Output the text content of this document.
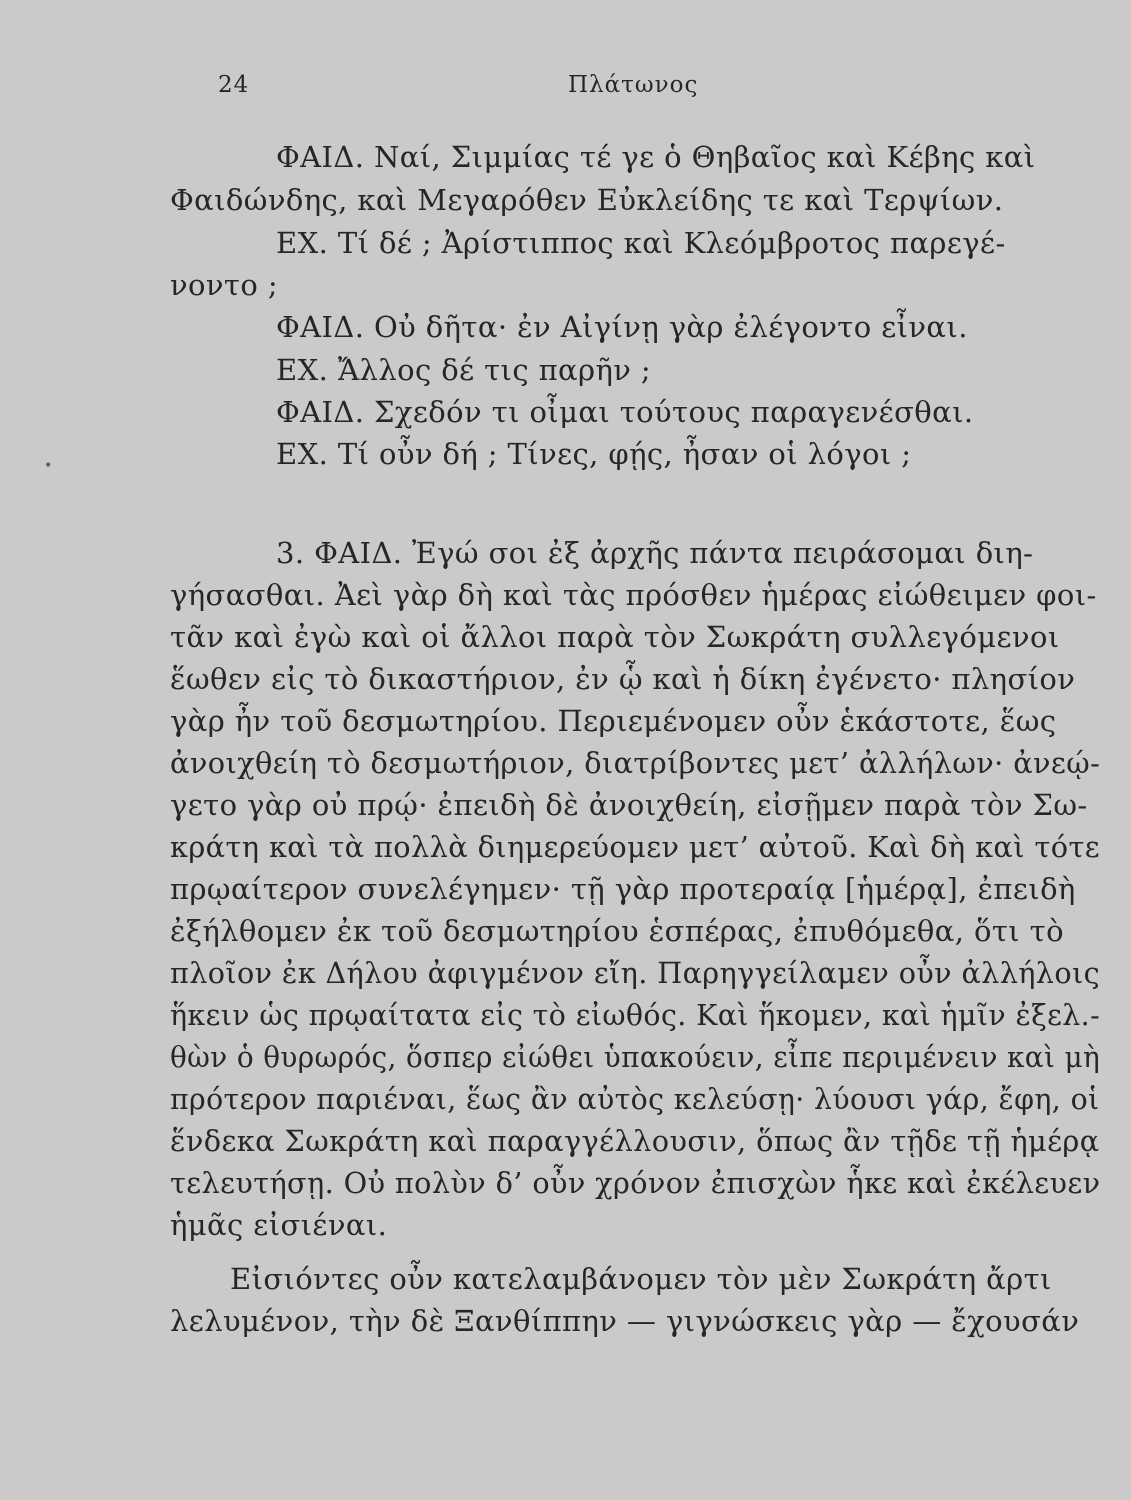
24	Πλάτωνος
•
ΦΑΙΔ. Ναί, Σιμμίας τέ γε ὁ Θηβαῖος καὶ Κέβης καὶ
Φαιδώνδης, καὶ Μεγαρόθεν Εὐκλείδης τε καὶ Τερψίων.
ΕΧ. Τί δέ ; Ἀρίστιππος καὶ Κλεόμβροτος παρεγέ-
νοντο ;
ΦΑΙΔ. Οὐ δῆτα· ἐν Αἰγίνῃ γὰρ ἐλέγοντο εἶναι.
ΕΧ. Ἄλλος δέ τις παρῆν ;
ΦΑΙΔ. Σχεδόν τι οἶμαι τούτους παραγενέσθαι.
ΕΧ. Τί οὖν δή ; Τίνες, φῄς, ἦσαν οἱ λόγοι ;
3. ΦΑΙΔ. Ἐγώ σοι ἐξ ἀρχῆς πάντα πειράσομαι διη-
γήσασθαι. Ἀεὶ γὰρ δὴ καὶ τὰς πρόσθεν ἡμέρας εἰώθειμεν φοι-
τᾶν καὶ ἐγὼ καὶ οἱ ἄλλοι παρὰ τὸν Σωκράτη συλλεγόμενοι
ἕωθεν εἰς τὸ δικαστήριον, ἐν ᾧ καὶ ἡ δίκη ἐγένετο· πλησίον
γὰρ ἦν τοῦ δεσμωτηρίου. Περιεμένομεν οὖν ἑκάστοτε, ἕως
ἀνοιχθείη τὸ δεσμωτήριον, διατρίβοντες μετ’ ἀλλήλων· ἀνεῴ-
γετο γὰρ οὐ πρῴ· ἐπειδὴ δὲ ἀνοιχθείη, εἰσῇμεν παρὰ τὸν Σω-
κράτη καὶ τὰ πολλὰ διημερεύομεν μετ’ αὐτοῦ. Καὶ δὴ καὶ τότε
πρῳαίτερον συνελέγημεν· τῇ γὰρ προτεραίᾳ [ἡμέρᾳ], ἐπειδὴ
ἐξήλθομεν ἐκ τοῦ δεσμωτηρίου ἑσπέρας, ἐπυθόμεθα, ὅτι τὸ
πλοῖον ἐκ Δήλου ἀφιγμένον εἴη. Παρηγγείλαμεν οὖν ἀλλήλοις
ἥκειν ὡς πρῳαίτατα εἰς τὸ εἰωθός. Καὶ ἥκομεν, καὶ ἡμῖν ἐξελ.-
θὼν ὁ θυρωρός, ὅσπερ εἰώθει ὑπακούειν, εἶπε περιμένειν καὶ μὴ
πρότερον παριέναι, ἕως ἂν αὐτὸς κελεύσῃ· λύουσι γάρ, ἔφη, οἱ
ἕνδεκα Σωκράτη καὶ παραγγέλλουσιν, ὅπως ἂν τῇδε τῇ ἡμέρᾳ
τελευτήσῃ. Οὐ πολὺν δ’ οὖν χρόνον ἐπισχὼν ἧκε καὶ ἐκέλευεν
ἡμᾶς εἰσιέναι.
Εἰσιόντες οὖν κατελαμβάνομεν τὸν μὲν Σωκράτη ἄρτι
λελυμένον, τὴν δὲ Ξανθίππην — γιγνώσκεις γὰρ — ἔχουσάν
